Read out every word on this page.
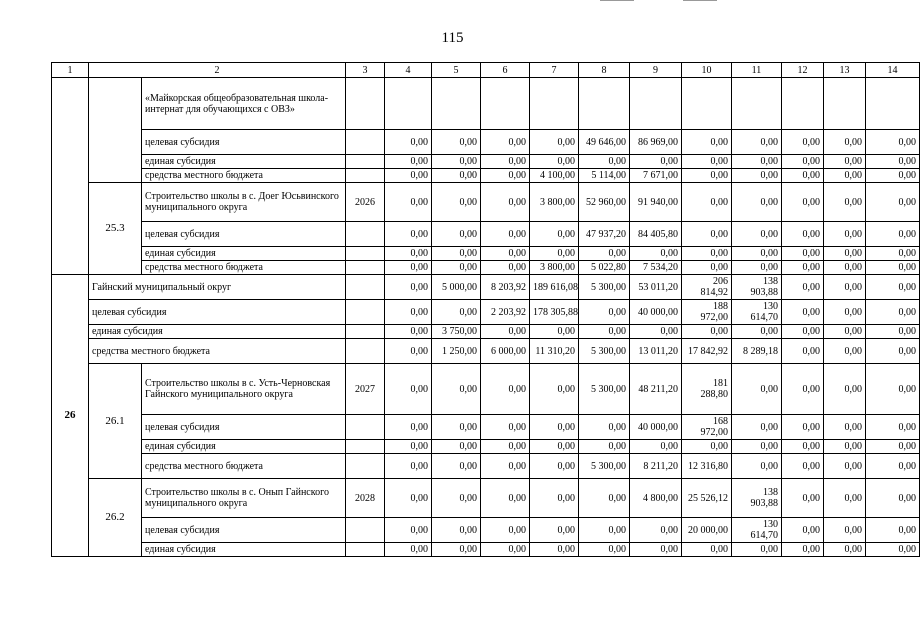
115
1	2		3	4	5	6	7	8	9	10	11	12	13	14
		«Майкорская общеобразовательная школа-интернат для обучающихся с ОВЗ»												
		целевая субсидия		0,00	0,00	0,00	0,00	49 646,00	86 969,00	0,00	0,00	0,00	0,00	0,00
		единая субсидия		0,00	0,00	0,00	0,00	0,00	0,00	0,00	0,00	0,00	0,00	0,00
		средства местного бюджета		0,00	0,00	0,00	4 100,00	5 114,00	7 671,00	0,00	0,00	0,00	0,00	0,00
	25.3	Строительство школы в с. Доег Юсьвинского муниципального округа	2026	0,00	0,00	0,00	3 800,00	52 960,00	91 940,00	0,00	0,00	0,00	0,00	0,00
		целевая субсидия		0,00	0,00	0,00	0,00	47 937,20	84 405,80	0,00	0,00	0,00	0,00	0,00
		единая субсидия		0,00	0,00	0,00	0,00	0,00	0,00	0,00	0,00	0,00	0,00	0,00
		средства местного бюджета		0,00	0,00	0,00	3 800,00	5 022,80	7 534,20	0,00	0,00	0,00	0,00	0,00
26	Гайнский муниципальный округ			0,00	5 000,00	8 203,92	189 616,08	5 300,00	53 011,20	206 814,92	138 903,88	0,00	0,00	0,00
	целевая субсидия			0,00	0,00	2 203,92	178 305,88	0,00	40 000,00	188 972,00	130 614,70	0,00	0,00	0,00
	единая субсидия			0,00	3 750,00	0,00	0,00	0,00	0,00	0,00	0,00	0,00	0,00	0,00
	средства местного бюджета			0,00	1 250,00	6 000,00	11 310,20	5 300,00	13 011,20	17 842,92	8 289,18	0,00	0,00	0,00
	26.1	Строительство школы в с. Усть-Черновская Гайнского муниципального округа	2027	0,00	0,00	0,00	0,00	5 300,00	48 211,20	181 288,80	0,00	0,00	0,00	0,00
		целевая субсидия		0,00	0,00	0,00	0,00	0,00	40 000,00	168 972,00	0,00	0,00	0,00	0,00
		единая субсидия		0,00	0,00	0,00	0,00	0,00	0,00	0,00	0,00	0,00	0,00	0,00
		средства местного бюджета		0,00	0,00	0,00	0,00	5 300,00	8 211,20	12 316,80	0,00	0,00	0,00	0,00
	26.2	Строительство школы в с. Онып Гайнского муниципального округа	2028	0,00	0,00	0,00	0,00	0,00	4 800,00	25 526,12	138 903,88	0,00	0,00	0,00
		целевая субсидия		0,00	0,00	0,00	0,00	0,00	0,00	20 000,00	130 614,70	0,00	0,00	0,00
		единая субсидия		0,00	0,00	0,00	0,00	0,00	0,00	0,00	0,00	0,00	0,00	0,00
